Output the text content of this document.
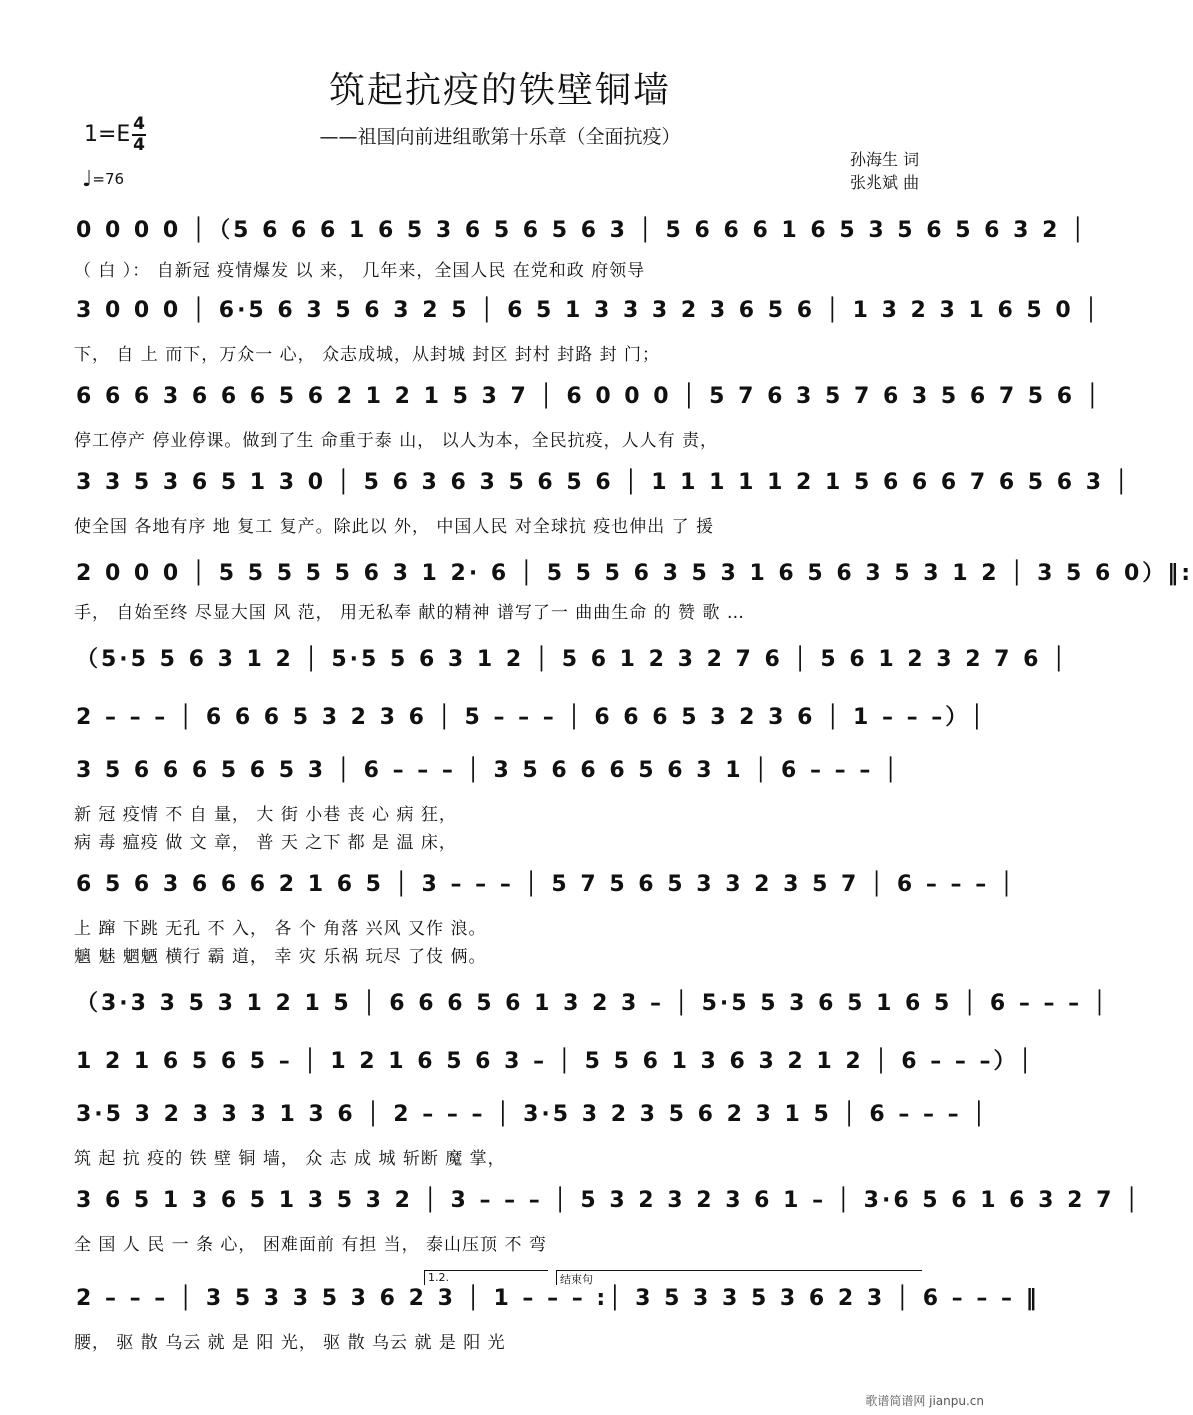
筑起抗疫的铁壁铜墙
——祖国向前进组歌第十乐章（全面抗疫）
1=E 4
4
♩=76
孙海生 词
张兆斌 曲
0 0 0 0 │（5 6 6 6 1 6 5 3 6 5 6 5 6 3 │ 5 6 6 6 1 6 5 3 5 6 5 6 3 2 │
（ 白 ）： 自新冠 疫情爆发 以 来， 几年来，全国人民 在党和政 府领导
3 0 0 0 │ 6·5 6 3 5 6 3 2 5 │ 6 5 1 3 3 3 2 3 6 5 6 │ 1 3 2 3 1 6 5 0 │
下， 自 上 而下，万众一 心， 众志成城，从封城 封区 封村 封路 封 门；
6 6 6 3 6 6 6 5 6 2 1 2 1 5 3 7 │ 6 0 0 0 │ 5 7 6 3 5 7 6 3 5 6 7 5 6 │
停工停产 停业停课。做到了生 命重于泰 山， 以人为本，全民抗疫，人人有 责，
3 3 5 3 6 5 1 3 0 │ 5 6 3 6 3 5 6 5 6 │ 1 1 1 1 1 2 1 5 6 6 6 7 6 5 6 3 │
使全国 各地有序 地 复工 复产。除此以 外， 中国人民 对全球抗 疫也伸出 了 援
2 0 0 0 │ 5 5 5 5 5 6 3 1 2· 6 │ 5 5 5 6 3 5 3 1 6 5 6 3 5 3 1 2 │ 3 5 6 0）‖:
手， 自始至终 尽显大国 风 范， 用无私奉 献的精神 谱写了一 曲曲生命 的 赞 歌 …
（5·5 5 6 3 1 2 │ 5·5 5 6 3 1 2 │ 5 6 1 2 3 2 7 6 │ 5 6 1 2 3 2 7 6 │
2 – – – │ 6 6 6 5 3 2 3 6 │ 5 – – – │ 6 6 6 5 3 2 3 6 │ 1 – – –）│
3 5 6 6 6 5 6 5 3 │ 6 – – – │ 3 5 6 6 6 5 6 3 1 │ 6 – – – │
新 冠 疫情 不 自 量， 大 街 小巷 丧 心 病 狂，
病 毒 瘟疫 做 文 章， 普 天 之下 都 是 温 床，
6 5 6 3 6 6 6 2 1 6 5 │ 3 – – – │ 5 7 5 6 5 3 3 2 3 5 7 │ 6 – – – │
上 蹿 下跳 无孔 不 入， 各 个 角落 兴风 又作 浪。
魑 魅 魍魉 横行 霸 道， 幸 灾 乐祸 玩尽 了伎 俩。
（3·3 3 5 3 1 2 1 5 │ 6 6 6 5 6 1 3 2 3 – │ 5·5 5 3 6 5 1 6 5 │ 6 – – – │
1 2 1 6 5 6 5 – │ 1 2 1 6 5 6 3 – │ 5 5 6 1 3 6 3 2 1 2 │ 6 – – –）│
3·5 3 2 3 3 3 1 3 6 │ 2 – – – │ 3·5 3 2 3 5 6 2 3 1 5 │ 6 – – – │
筑 起 抗 疫的 铁 壁 铜 墙， 众 志 成 城 斩断 魔 掌，
3 6 5 1 3 6 5 1 3 5 3 2 │ 3 – – – │ 5 3 2 3 2 3 6 1 – │ 3·6 5 6 1 6 3 2 7 │
全 国 人 民 一 条 心， 困难面前 有担 当， 泰山压顶 不 弯
1.2.	结束句
2 – – – │ 3 5 3 3 5 3 6 2 3 │ 1 – – – :│ 3 5 3 3 5 3 6 2 3 │ 6 – – – ‖
腰， 驱 散 乌云 就 是 阳 光， 驱 散 乌云 就 是 阳 光
歌谱简谱网 jianpu.cn
